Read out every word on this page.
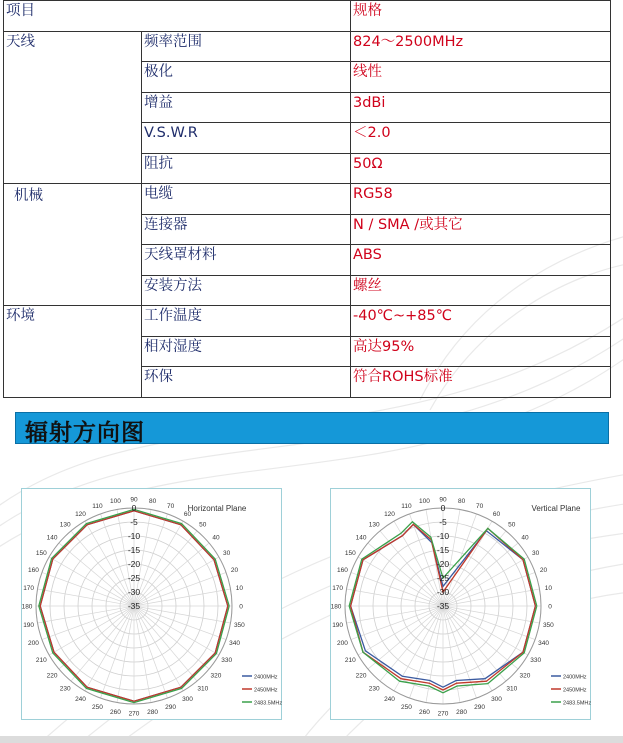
项目		规格
天线	频率范围	824～2500MHz
	极化	线性
	增益	3dBi
	V.S.W.R	＜2.0
	阻抗	50Ω
机械	电缆	RG58
	连接器	N / SMA /或其它
	天线罩材料	ABS
	安装方法	螺丝
环境	工作温度	-40℃~+85℃
	相对湿度	高达95%
	环保	符合ROHS标准
辐射方向图
0
-5
-10
-15
-20
-25
-30
-35	0
10
20
30
40
50
60
70
80
90
100
110
120
130
140
150
160
170
180
190
200
210
220
230
240
250
260 270 280
290
300
310
320
330
340
350
Horizontal Plane
2400MHz
2450MHz
2483.5MHz
0
-5
-10
-15
-20
-25
-30
-35	0
10
20
30
40
50
60
70
80
90
100
110
120
130
140
150
160
170
180
190
200
210
220
230
240
250
260 270 280
290
300
310
320
330
340
350
Vertical Plane
2400MHz
2450MHz
2483.5MHz
